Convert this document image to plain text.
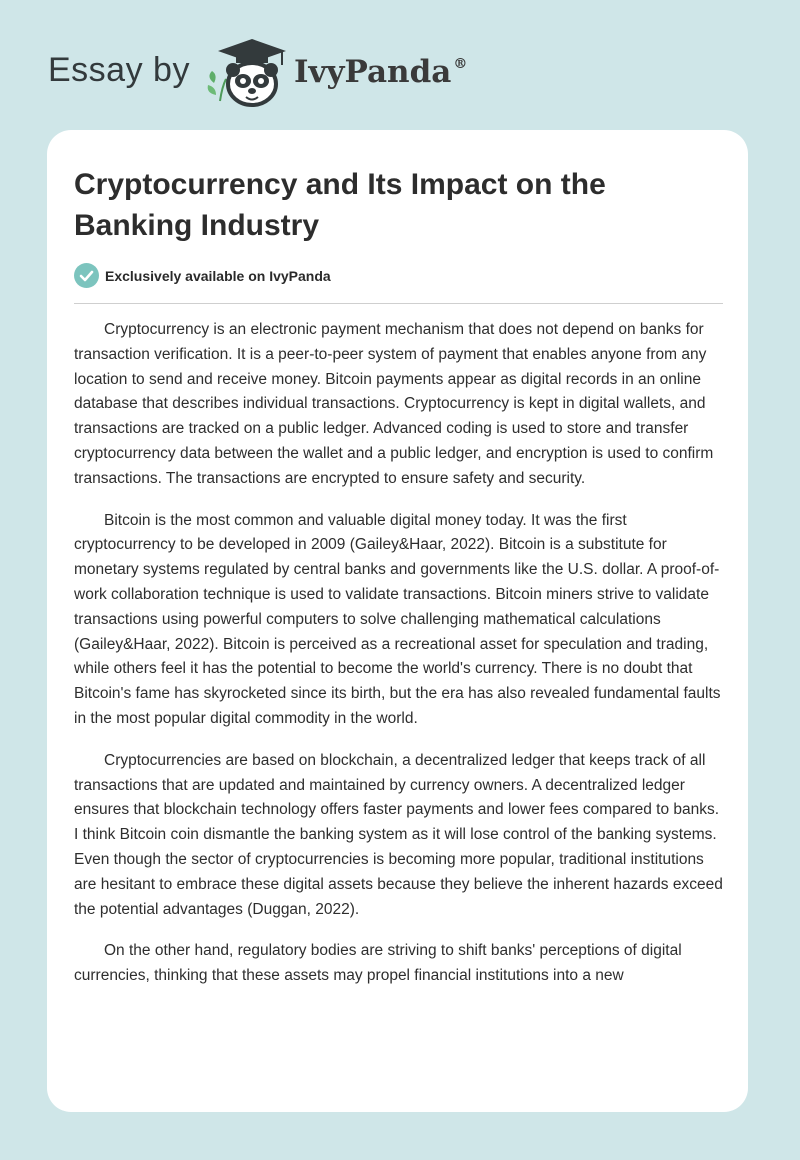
Essay by	IvyPanda ®
Cryptocurrency and Its Impact on the Banking Industry
Exclusively available on IvyPanda

Cryptocurrency is an electronic payment mechanism that does not depend on banks for transaction verification. It is a peer-to-peer system of payment that enables anyone from any location to send and receive money. Bitcoin payments appear as digital records in an online database that describes individual transactions. Cryptocurrency is kept in digital wallets, and transactions are tracked on a public ledger. Advanced coding is used to store and transfer cryptocurrency data between the wallet and a public ledger, and encryption is used to confirm transactions. The transactions are encrypted to ensure safety and security.

Bitcoin is the most common and valuable digital money today. It was the first cryptocurrency to be developed in 2009 (Gailey&Haar, 2022). Bitcoin is a substitute for monetary systems regulated by central banks and governments like the U.S. dollar. A proof-of-work collaboration technique is used to validate transactions. Bitcoin miners strive to validate transactions using powerful computers to solve challenging mathematical calculations (Gailey&Haar, 2022). Bitcoin is perceived as a recreational asset for speculation and trading, while others feel it has the potential to become the world's currency. There is no doubt that Bitcoin's fame has skyrocketed since its birth, but the era has also revealed fundamental faults in the most popular digital commodity in the world.

Cryptocurrencies are based on blockchain, a decentralized ledger that keeps track of all transactions that are updated and maintained by currency owners. A decentralized ledger ensures that blockchain technology offers faster payments and lower fees compared to banks. I think Bitcoin coin dismantle the banking system as it will lose control of the banking systems. Even though the sector of cryptocurrencies is becoming more popular, traditional institutions are hesitant to embrace these digital assets because they believe the inherent hazards exceed the potential advantages (Duggan, 2022).

On the other hand, regulatory bodies are striving to shift banks' perceptions of digital currencies, thinking that these assets may propel financial institutions into a new
